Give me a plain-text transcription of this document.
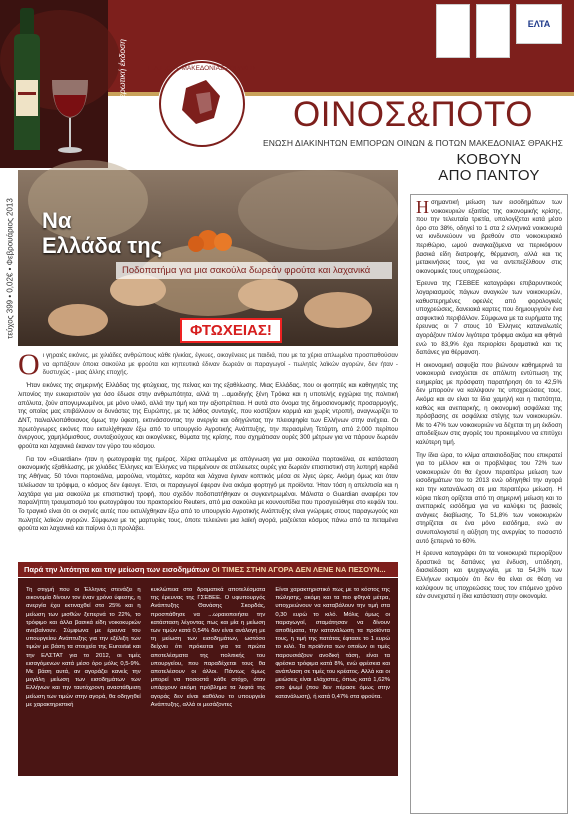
Μηνιαία ενημερωτική έκδοση	Ε.Δ.Ε.Ο.Π. ΜΑΚΕΔΟΝΙΑΣ - ΘΡΑΚΗΣ
ΕΛΤΑ
ΟΙΝΟΣ&ΠΟΤΟ
ΕΝΩΣΗ ΔΙΑΚΙΝΗΤΩΝ ΕΜΠΟΡΩΝ ΟΙΝΩΝ & ΠΟΤΩΝ ΜΑΚΕΔΟΝΙΑΣ ΘΡΑΚΗΣ
τεύχος 399 • 0,02€ • Φεβρουάριος 2013 Να
Ελλάδα της
Ποδοπατήμα για μια σακούλα δωρεάν φρούτα και λαχανικά
ΦΤΩΧΕΙΑΣ!

Ο ι γηραιές εικόνες, με χιλιάδες ανθρώπους κάθε ηλικίας, έγκυες, οικογένειες με παιδιά, που με τα χέρια απλωμένα προσπαθούσαν να αρπάξουν όποια σακούλα με φρούτα και κηπευτικά έδιναν δωρεάν οι παραγωγοί - πωλητές λαϊκών αγορών, δεν ήταν - δυστυχώς - μιας άλλης εποχής.

Ήταν εικόνες της σημερινής Ελλάδας της φτώχειας, της πείνας και της εξαθλίωσης. Μιας Ελλάδας, που οι φοιτητές και καθηγητές της λιπονίος την ευκαριστούν για όσο έδωσε στην ανθρωπότητα, αλλά τη ...αμοιδιγής ξένη Τρόικα και η υποτελής εγχώρια της πολιτική απόλυτα, ζούν απογυμνωμένοι, με μόνο υλικό, αλλά την τιμή και την αξιοπρέπεια. Η αυτά στο όνομα της δημοσιονομικής προσαρμογής, της οποίας μας επιβάλλουν οι δυνάστες της Ευρώπης, με τις λάθος συνταγές, που κοστίζουν κορμιά και χωρίς ντροπή, αναγνωρίζει το ΔΝΤ, παλιαλλοπάθοιανος όμως την ύφεση, εκτινάσσοντας την ανεργία και οδηγώντας την πλειοψηφία των Ελλήνων στην ανέχεια. Οι πρωτόγνωρες εικόνες που εκτυλίχθηκαν έξω από το υπουργείο Αγροτικής Ανάπτυξης, την περασμένη Τετάρτη, από 2.000 περίπου άνεργους, χαμηλόμισθους, συνταξιούχους και οικογένειες, θύματα της κρίσης, που σχημάτισαν ουρές 300 μέτρων για να πάρουν δωρεάν φρούτα και λαχανικά έκαναν τον γύρο του κόσμου.

Για τον «Guardian» ήταν η φωτογραφία της ημέρας. Χέρια απλωμένα με απόγνωση για μια σακούλα πορτοκάλια, σε κατάσταση οικονομικής εξαθλίωσης, με χιλιάδες Έλληνες και Έλληνες να περιμένουν σε ατέλειωτες ουρές για δωρεάν επισιτιστική στη λυπηρή καρδιά της Αθήνας. 50 τόνοι πορτοκάλια, μαρούλια, ντομάτες, καρότα και λάχανα έγιναν κοπτικός μέσα σε λίγες ώρες. Ακόμη όμως και όταν τελείωσαν τα τρόφιμα, ο κόσμος δεν έφευγε. Έτσι, οι παραγωγοί έφεραν ένα ακόμα φορτηγό με προϊόντα. Ήταν τόση η απελπισία και η λαχτάρα για μια σακούλα με επισιτιστική τροφή, που σχεδόν ποδοπατήθηκαν οι συγκεντρωμένοι. Μάλιστα ο Guardian αναφέρει τον παραλήπτη τραυματισμό του φωτογράφου του πρακτορείου Reuters, από μια σακούλα με κουνουπίδια που προσγειώθηκε στο κεφάλι του. Το τραγικό είναι ότι οι σκηνές αυτές που εκτυλίχθηκαν έξω από το υπουργείο Αγροτικής Ανάπτυξης είναι γνώριμες στους παραγωγούς και πωλητές λαϊκών αγορών. Σύμφωνα με τις μαρτυρίες τους, όποτε τελειώνει μια λαϊκή αγορά, μαζεύεται κόσμος πάνω από τα πεταμένα φρούτα και λαχανικά και παίρνει ό,τι προλάβει.

ΚΟΒΟΥΝ
ΑΠΟ ΠΑΝΤΟΥ

Η σημαντική μείωση των εισοδημάτων των νοικοκυριών εξαιτίας της οικονομικής κρίσης, που την τελευταία τριετία, υπολογίζεται κατά μέσο όρο στο 38%, οδηγεί το 1 στα 2 ελληνικά νοικοκυριά να κινδυνεύουν να βρεθούν στο νοικοκυριακό περιθώριο, ωμού αναγκαζόμενα να περικόψουν βασικά είδη διατροφής, θέρμανση, αλλά και τις μετακινήσεις τους, για να αντεπεξέλθουν στις οικονομικές τους υποχρεώσεις.

Έρευνα της ΓΣΕΒΕΕ καταγράφει επιβαρυντικούς λογαριασμούς πάγιων αναγκών των νοικοκυριών, καθυστερημένες οφειλές από φορολογικές υποχρεώσεις, δανειακά καρτες που δημιουργούν ένα ασφυκτικό περιβάλλον. Σύμφωνα με τα ευρήματα της έρευνας οι 7 στους 10 Έλληνες καταναλωτές αγοράζουν πλέον λιγότερα τρόφιμα ακόμα και φθηνά ενώ το 83,9% έχει περιορίσει δραματικά και τις δαπάνες για θέρμανση.

Η οικονομική ασφυξία που βιώνουν καθημερινά τα νοικοκυριά ενισχύεται σε απόλυτη εντύπωση της ευημερίας με πρόσφατη παρατήρηση ότι το 42,5% δεν μπορούν να καλύψουν τις υποχρεώσεις τους. Ακόμα και αν είναι τα ίδια χαμηλή και η πιστότητα, καθώς και ανεπαρκής, η οικονομική ασφάλεια της πρόσβασης σε ασφάλεια στέγης των νοικοκυριών. Με το 47% των νοικοκυριών να δέχεται τη μη έκδοση αποδείξεων στις αγορές του προκειμένου να επιτύχει καλύτερη τιμή.

Την ίδια ώρα, το κλίμα απαισιοδοξίας που επικρατεί για το μέλλον και οι προβλέψεις του 72% των νοικοκυριών ότι θα έχουν περαιτέρω μείωση των εισοδημάτων του το 2013 ενώ οδηγηθεί την αγορά και την κατανάλωση σε μια περαιτέρω μείωση. Η κύρια πίεση ορίζεται από τη σημερινή μείωση και το ανεπαρκές εισόδημα για να καλύψει τις βασικές ανάγκες διαβίωσης. Το 51,8% των νοικοκυριών στηρίζεται σε ένα μόνο εισόδημα, ενώ αν συνυπολογιστεί η αύξηση της ανεργίας το ποσοστό αυτό ξεπερνά το 60%.

Η έρευνα καταγράφει ότι τα νοικοκυριά περιορίζουν δραστικά τις δαπάνες για ένδυση, υπόδηση, διασκέδαση και ψυχαγωγία, με τα 54,3% των Ελλήνων εκτιμούν ότι δεν θα είναι σε θέση να καλύψουν τις υποχρεώσεις τους τον επόμενο χρόνο εάν συνεχιστεί η ίδια κατάσταση στην οικονομία.

Παρά την λιτότητα και την μείωση των εισοδημάτων ΟΙ ΤΙΜΕΣ ΣΤΗΝ ΑΓΟΡΑ ΔΕΝ ΛΕΝΕ ΝΑ ΠΕΣΟΥΝ...

Τη στιγμή που οι Έλληνες στενάζει η οικονομία δίνουν τον έναν χρόνο ύφεσης, η ανεργία έχει εκτιναχθεί στο 25% και η μείωση των μισθών ξεπερνά το 22%, το τρόφιμο και άλλα βασικά είδη νοικοκυριών ανεβαίνουν. Σύμφωνα με έρευνα του υπουργείου Ανάπτυξης για την εξέλιξη των τιμών με βάση τα στοιχεία της Eurostat και την ΕΛΣΤΑΤ για το 2012, οι τιμές εισαγόμενων κατά μέσο όρο μόλις 0,5-9%. Με βάση αυτά, αν αγοράζει κανείς την μεγάλη μείωση των εισοδημάτων των Ελλήνων και την ταυτόχρονη αναστάθμιση μείωση των τιμών στην αγορά, θα οδηγηθεί με χαρακτηριστική

κυκλώπεια στο δραματικά αποτελέσματα της έρευνας της ΓΣΕΒΕΕ. Ο υφυπουργός Ανάπτυξης Θανάσης Σκορδάς, προσπάθησε να ...ωραιοποιήσει την κατάσταση λέγοντας πως και μία η μείωση των τιμών κατά 0,54% δεν είναι ανάλογη με τη μείωση των εισοδημάτων, ωστόσο δείχνει ότι πρόκειται για τα πρώτα αποτελέσματα της πολιτικής του υπουργείου, που παραδέχεται τους θα αποτελέσουν οι άλλοι. Πάντως όμως μπορεί να ποσοστά κάθε στόχο, όταν υπάρχουν ακόμη πρόβλημα τα λεφτά της αγοράς δεν είναι καθόλου το υπουργείο Ανάπτυξης, αλλά οι μεσάζοντες

Είναι χαρακτηριστικό πως με το κόστος της πώλησης, ακόμη και τα πιο φθηνά μέτρα, υποχρεώνουν να καταβάλουν την τιμή στα 0,30 ευρώ το κιλό. Μόλις όμως οι παραγωγοί, σταμάτησαν να δίνουν αποθέματα, την κατανάλωση τα προϊόντα τους, η τιμή της πατάτας έφτασε το 1 ευρώ το κιλό. Τα προϊόντα των οποίων οι τιμές παρουσιάζουν ανοδική τάση, είναι τα φρέσκα τρόφιμα κατά 8%, ενώ φρέσκια και ανάπλαση σε τιμές του κρέατος. Αλλά και οι μειώσεις είναι ελάχιστες, όπως κατά 1,62% στο ψωμί (που δεν πέρασε όμως στην κατανάλωση), ή κατά 0,47% στα φρούτα.
